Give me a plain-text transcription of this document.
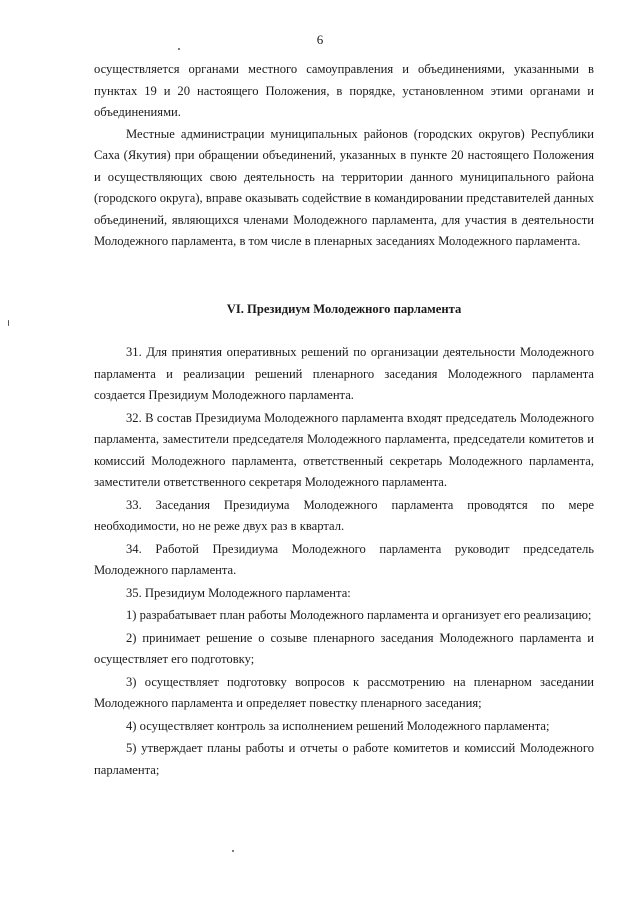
6

осуществляется органами местного самоуправления и объединениями, указанными в пунктах 19 и 20 настоящего Положения, в порядке, установленном этими органами и объединениями.

Местные администрации муниципальных районов (городских округов) Республики Саха (Якутия) при обращении объединений, указанных в пункте 20 настоящего Положения и осуществляющих свою деятельность на территории данного муниципального района (городского округа), вправе оказывать содействие в командировании представителей данных объединений, являющихся членами Молодежного парламента, для участия в деятельности Молодежного парламента, в том числе в пленарных заседаниях Молодежного парламента.

VI. Президиум Молодежного парламента

31. Для принятия оперативных решений по организации деятельности Молодежного парламента и реализации решений пленарного заседания Молодежного парламента создается Президиум Молодежного парламента.

32. В состав Президиума Молодежного парламента входят председатель Молодежного парламента, заместители председателя Молодежного парламента, председатели комитетов и комиссий Молодежного парламента, ответственный секретарь Молодежного парламента, заместители ответственного секретаря Молодежного парламента.

33. Заседания Президиума Молодежного парламента проводятся по мере необходимости, но не реже двух раз в квартал.

34. Работой Президиума Молодежного парламента руководит председатель Молодежного парламента.

35. Президиум Молодежного парламента:

1) разрабатывает план работы Молодежного парламента и организует его реализацию;

2) принимает решение о созыве пленарного заседания Молодежного парламента и осуществляет его подготовку;

3) осуществляет подготовку вопросов к рассмотрению на пленарном заседании Молодежного парламента и определяет повестку пленарного заседания;

4) осуществляет контроль за исполнением решений Молодежного парламента;

5) утверждает планы работы и отчеты о работе комитетов и комиссий Молодежного парламента;
